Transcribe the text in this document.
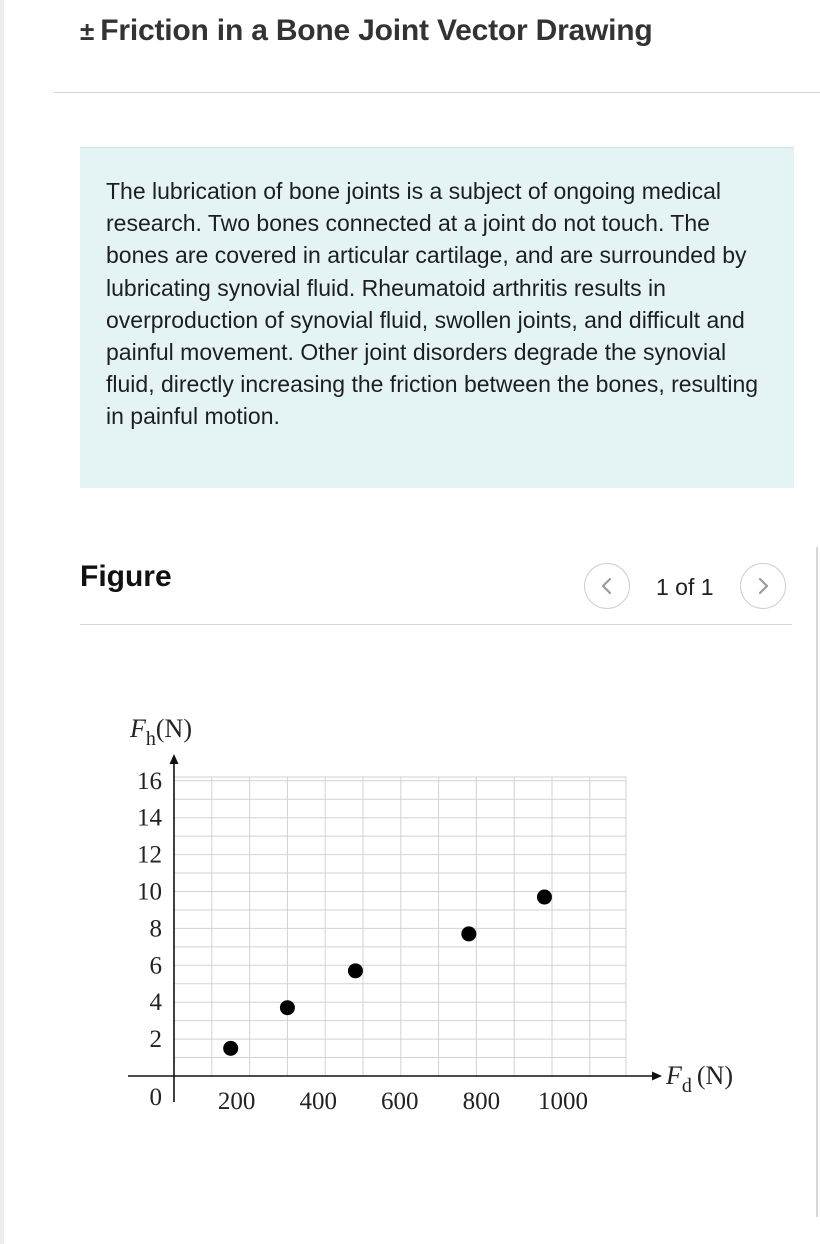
± Friction in a Bone Joint Vector Drawing

The lubrication of bone joints is a subject of ongoing medical research. Two bones connected at a joint do not touch. The bones are covered in articular cartilage, and are surrounded by lubricating synovial fluid. Rheumatoid arthritis results in overproduction of synovial fluid, swollen joints, and difficult and painful movement. Other joint disorders degrade the synovial fluid, directly increasing the friction between the bones, resulting in painful motion.

Figure	1 of 1
2
4
6
8
10
12
14
16
0 200 400 600 800 1000
$F_h(N)$
$F_d$ (N)
